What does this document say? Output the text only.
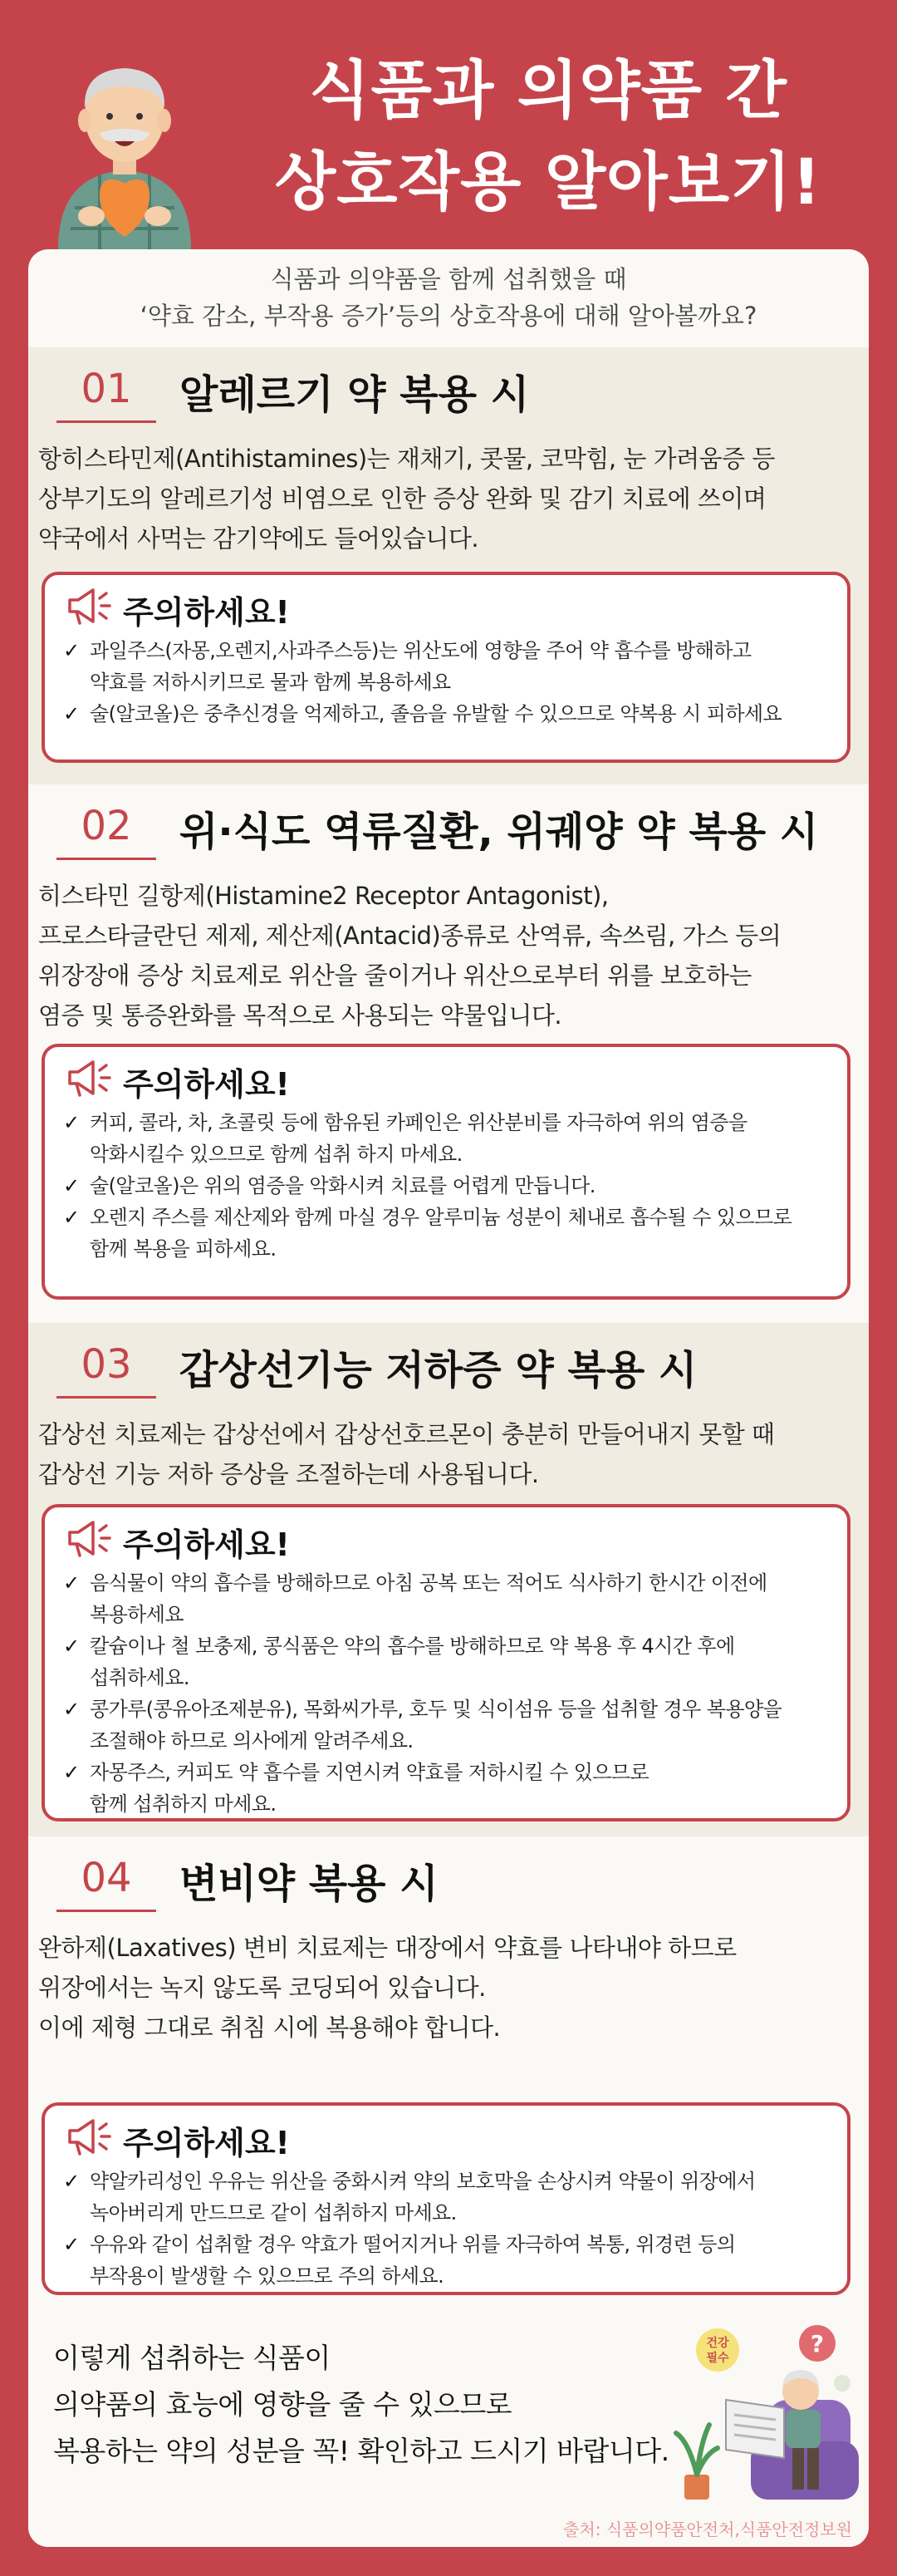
식품과 의약품 간
상호작용 알아보기!
식품과 의약품을 함께 섭취했을 때
‘약효 감소, 부작용 증가’등의 상호작용에 대해 알아볼까요?
01	알레르기 약 복용 시
항히스타민제(Antihistamines)는 재채기, 콧물, 코막힘, 눈 가려움증 등
상부기도의 알레르기성 비염으로 인한 증상 완화 및 감기 치료에 쓰이며
약국에서 사먹는 감기약에도 들어있습니다.
주의하세요!
✓ 과일주스(자몽,오렌지,사과주스등)는 위산도에 영향을 주어 약 흡수를 방해하고
약효를 저하시키므로 물과 함께 복용하세요
✓ 술(알코올)은 중추신경을 억제하고, 졸음을 유발할 수 있으므로 약복용 시 피하세요
02	위·식도 역류질환, 위궤양 약 복용 시
히스타민 길항제(Histamine2 Receptor Antagonist),
프로스타글란딘 제제, 제산제(Antacid)종류로 산역류, 속쓰림, 가스 등의
위장장애 증상 치료제로 위산을 줄이거나 위산으로부터 위를 보호하는
염증 및 통증완화를 목적으로 사용되는 약물입니다.
주의하세요!
✓ 커피, 콜라, 차, 초콜릿 등에 함유된 카페인은 위산분비를 자극하여 위의 염증을
악화시킬수 있으므로 함께 섭취 하지 마세요.
✓ 술(알코올)은 위의 염증을 악화시켜 치료를 어렵게 만듭니다.
✓ 오렌지 주스를 제산제와 함께 마실 경우 알루미늄 성분이 체내로 흡수될 수 있으므로
함께 복용을 피하세요.
03	갑상선기능 저하증 약 복용 시
갑상선 치료제는 갑상선에서 갑상선호르몬이 충분히 만들어내지 못할 때
갑상선 기능 저하 증상을 조절하는데 사용됩니다.
주의하세요!
✓ 음식물이 약의 흡수를 방해하므로 아침 공복 또는 적어도 식사하기 한시간 이전에
복용하세요
✓ 칼슘이나 철 보충제, 콩식품은 약의 흡수를 방해하므로 약 복용 후 4시간 후에
섭취하세요.
✓ 콩가루(콩유아조제분유), 목화씨가루, 호두 및 식이섬유 등을 섭취할 경우 복용양을
조절해야 하므로 의사에게 알려주세요.
✓ 자몽주스, 커피도 약 흡수를 지연시켜 약효를 저하시킬 수 있으므로
함께 섭취하지 마세요.
04	변비약 복용 시
완하제(Laxatives) 변비 치료제는 대장에서 약효를 나타내야 하므로
위장에서는 녹지 않도록 코딩되어 있습니다.
이에 제형 그대로 취침 시에 복용해야 합니다.
주의하세요!
✓ 약알카리성인 우유는 위산을 중화시켜 약의 보호막을 손상시켜 약물이 위장에서
녹아버리게 만드므로 같이 섭취하지 마세요.
✓ 우유와 같이 섭취할 경우 약효가 떨어지거나 위를 자극하여 복통, 위경련 등의
부작용이 발생할 수 있으므로 주의 하세요.
이렇게 섭취하는 식품이
의약품의 효능에 영향을 줄 수 있으므로
복용하는 약의 성분을 꼭! 확인하고 드시기 바랍니다.
건강
필수
?
출처: 식품의약품안전처,식품안전정보원
